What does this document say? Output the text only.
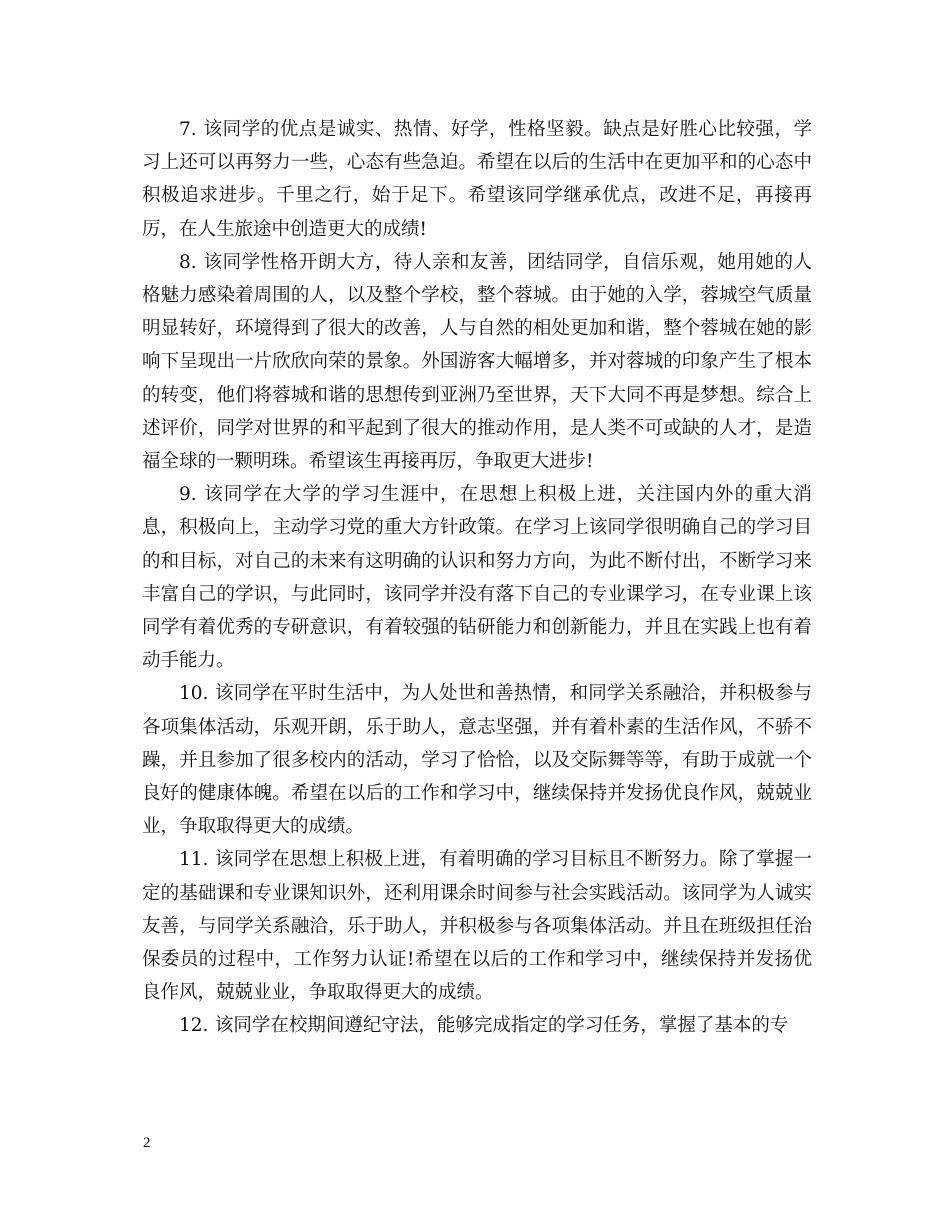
7. 该同学的优点是诚实、热情、好学，性格坚毅。缺点是好胜心比较强，学习上还可以再努力一些，心态有些急迫。希望在以后的生活中在更加平和的心态中积极追求进步。千里之行，始于足下。希望该同学继承优点，改进不足，再接再厉，在人生旅途中创造更大的成绩!

8. 该同学性格开朗大方，待人亲和友善，团结同学，自信乐观，她用她的人格魅力感染着周围的人，以及整个学校，整个蓉城。由于她的入学，蓉城空气质量明显转好，环境得到了很大的改善，人与自然的相处更加和谐，整个蓉城在她的影响下呈现出一片欣欣向荣的景象。外国游客大幅增多，并对蓉城的印象产生了根本的转变，他们将蓉城和谐的思想传到亚洲乃至世界，天下大同不再是梦想。综合上述评价，同学对世界的和平起到了很大的推动作用，是人类不可或缺的人才，是造福全球的一颗明珠。希望该生再接再厉，争取更大进步!

9. 该同学在大学的学习生涯中，在思想上积极上进，关注国内外的重大消息，积极向上，主动学习党的重大方针政策。在学习上该同学很明确自己的学习目的和目标，对自己的未来有这明确的认识和努力方向，为此不断付出，不断学习来丰富自己的学识，与此同时，该同学并没有落下自己的专业课学习，在专业课上该同学有着优秀的专研意识，有着较强的钻研能力和创新能力，并且在实践上也有着动手能力。

10. 该同学在平时生活中，为人处世和善热情，和同学关系融洽，并积极参与各项集体活动，乐观开朗，乐于助人，意志坚强，并有着朴素的生活作风，不骄不躁，并且参加了很多校内的活动，学习了恰恰，以及交际舞等等，有助于成就一个良好的健康体魄。希望在以后的工作和学习中，继续保持并发扬优良作风，兢兢业业，争取取得更大的成绩。

11. 该同学在思想上积极上进，有着明确的学习目标且不断努力。除了掌握一定的基础课和专业课知识外，还利用课余时间参与社会实践活动。该同学为人诚实友善，与同学关系融洽，乐于助人，并积极参与各项集体活动。并且在班级担任治保委员的过程中，工作努力认证!希望在以后的工作和学习中，继续保持并发扬优良作风，兢兢业业，争取取得更大的成绩。

12. 该同学在校期间遵纪守法，能够完成指定的学习任务，掌握了基本的专

2
